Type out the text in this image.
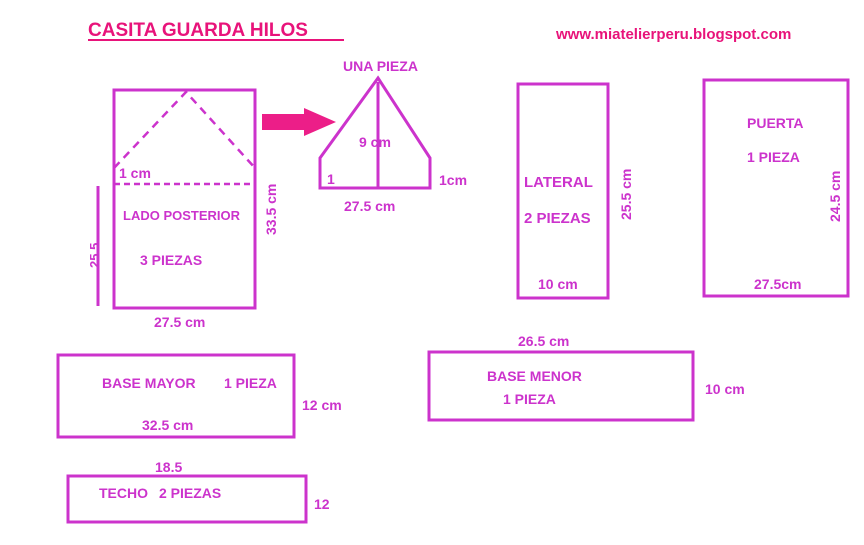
CASITA GUARDA HILOS	www.miatelierperu.blogspot.com
1 cm
LADO POSTERIOR
3 PIEZAS
27.5 cm
33.5 cm
25.5
UNA PIEZA
9 cm
1	1cm
27.5 cm
LATERAL
2 PIEZAS
10 cm
25.5 cm
PUERTA
1 PIEZA
27.5cm
24.5 cm
BASE MAYOR 1 PIEZA
32.5 cm
12 cm
26.5 cm
BASE MENOR
1 PIEZA
10 cm
18.5
TECHO 2 PIEZAS
12
